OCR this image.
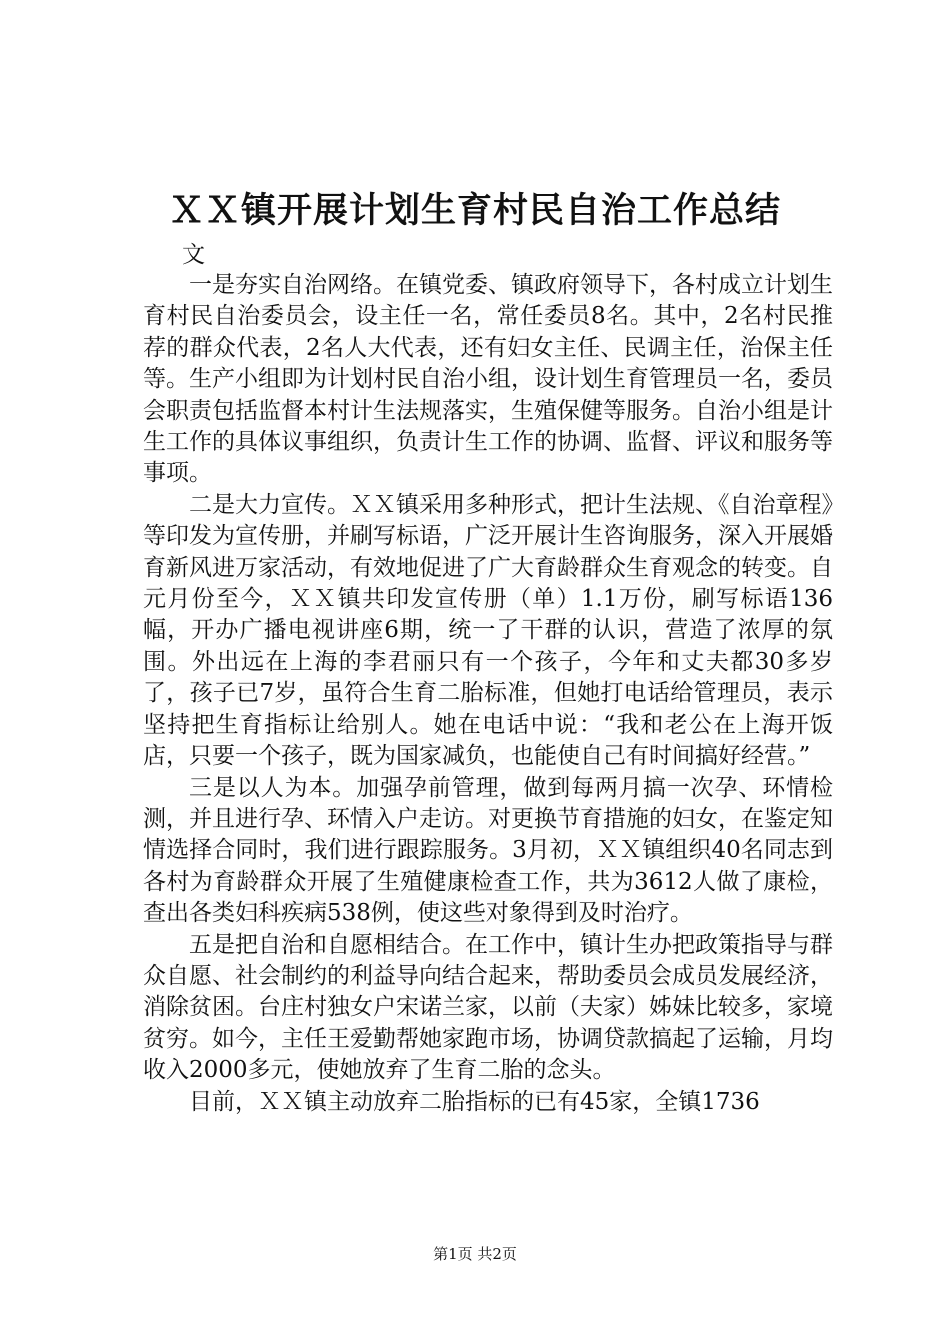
ＸＸ镇开展计划生育村民自治工作总结
文

一是夯实自治网络。在镇党委、镇政府领导下，各村成立计划生育村民自治委员会，设主任一名，常任委员8名。其中，2名村民推荐的群众代表，2名人大代表，还有妇女主任、民调主任，治保主任等。生产小组即为计划村民自治小组，设计划生育管理员一名，委员会职责包括监督本村计生法规落实，生殖保健等服务。自治小组是计生工作的具体议事组织，负责计生工作的协调、监督、评议和服务等事项。

二是大力宣传。ＸＸ镇采用多种形式，把计生法规、《自治章程》等印发为宣传册，并刷写标语，广泛开展计生咨询服务，深入开展婚育新风进万家活动，有效地促进了广大育龄群众生育观念的转变。自元月份至今，ＸＸ镇共印发宣传册（单）1.1万份，刷写标语136幅，开办广播电视讲座6期，统一了干群的认识，营造了浓厚的氛围。外出远在上海的李君丽只有一个孩子，今年和丈夫都30多岁了，孩子已7岁，虽符合生育二胎标准，但她打电话给管理员，表示坚持把生育指标让给别人。她在电话中说：“我和老公在上海开饭店，只要一个孩子，既为国家减负，也能使自己有时间搞好经营。”

三是以人为本。加强孕前管理，做到每两月搞一次孕、环情检测，并且进行孕、环情入户走访。对更换节育措施的妇女，在鉴定知情选择合同时，我们进行跟踪服务。3月初，ＸＸ镇组织40名同志到各村为育龄群众开展了生殖健康检查工作，共为3612人做了康检，查出各类妇科疾病538例，使这些对象得到及时治疗。

五是把自治和自愿相结合。在工作中，镇计生办把政策指导与群众自愿、社会制约的利益导向结合起来，帮助委员会成员发展经济，消除贫困。台庄村独女户宋诺兰家，以前（夫家）姊妹比较多，家境贫穷。如今，主任王爱勤帮她家跑市场，协调贷款搞起了运输，月均收入2000多元，使她放弃了生育二胎的念头。

目前，ＸＸ镇主动放弃二胎指标的已有45家，全镇1736

第1页 共2页
